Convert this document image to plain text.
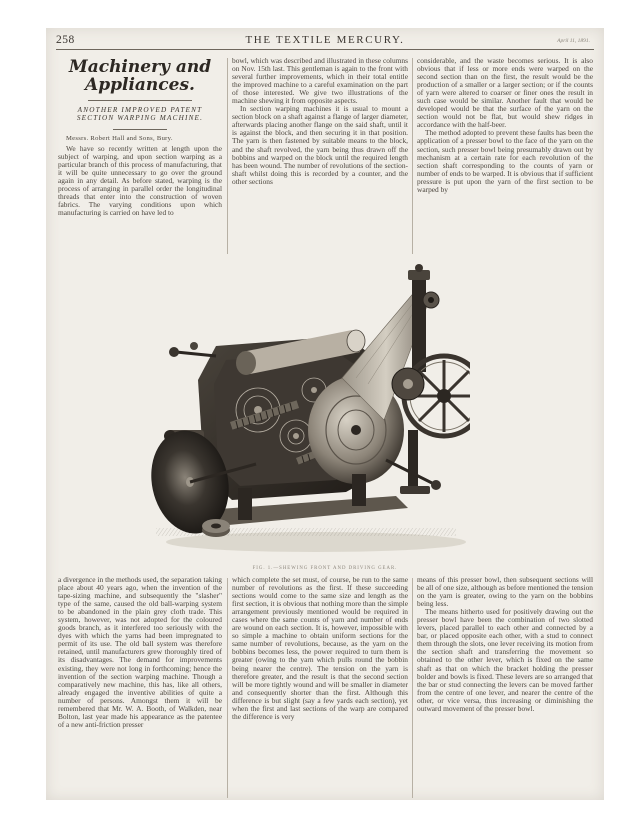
258	THE TEXTILE MERCURY.	April 11, 1891.
Machinery and
Appliances.
ANOTHER IMPROVED PATENT
SECTION WARPING MACHINE.
Messrs. Robert Hall and Sons, Bury.

We have so recently written at length upon the subject of warping, and upon section warping as a particular branch of this process of manufacturing, that it will be quite unnecessary to go over the ground again in any detail. As before stated, warping is the process of arranging in parallel order the longitudinal threads that enter into the construction of woven fabrics. The varying conditions upon which manufacturing is carried on have led to

bowl, which was described and illustrated in these columns on Nov. 15th last. This gentleman is again to the front with several further improvements, which in their total entitle the improved machine to a careful examination on the part of those interested. We give two illustrations of the machine shewing it from opposite aspects.

In section warping machines it is usual to mount a section block on a shaft against a flange of larger diameter, afterwards placing another flange on the said shaft, until it is against the block, and then securing it in that position. The yarn is then fastened by suitable means to the block, and the shaft revolved, the yarn being thus drawn off the bobbins and warped on the block until the required length has been wound. The number of revolutions of the section-shaft whilst doing this is recorded by a counter, and the other sections

considerable, and the waste becomes serious. It is also obvious that if less or more ends were warped on the second section than on the first, the result would be the production of a smaller or a larger section; or if the counts of yarn were altered to coarser or finer ones the result in such case would be similar. Another fault that would be developed would be that the surface of the yarn on the section would not be flat, but would shew ridges in accordance with the half-beer.

The method adopted to prevent these faults has been the application of a presser bowl to the face of the yarn on the section, such presser bowl being presumably drawn out by mechanism at a certain rate for each revolution of the section shaft corresponding to the counts of yarn or number of ends to be warped. It is obvious that if sufficient pressure is put upon the yarn of the first section to be warped by

FIG. 1.—SHEWING FRONT AND DRIVING GEAR.

a divergence in the methods used, the separation taking place about 40 years ago, when the invention of the tape-sizing machine, and subsequently the "slasher" type of the same, caused the old ball-warping system to be abandoned in the plain grey cloth trade. This system, however, was not adopted for the coloured goods branch, as it interfered too seriously with the dyes with which the yarns had been impregnated to permit of its use. The old ball system was therefore retained, until manufacturers grew thoroughly tired of its disadvantages. The demand for improvements existing, they were not long in forthcoming; hence the invention of the section warping machine. Though a comparatively new machine, this has, like all others, already engaged the inventive abilities of quite a number of persons. Amongst them it will be remembered that Mr. W. A. Booth, of Walkden, near Bolton, last year made his appearance as the patentee of a new anti-friction presser

which complete the set must, of course, be run to the same number of revolutions as the first. If these succeeding sections would come to the same size and length as the first section, it is obvious that nothing more than the simple arrangement previously mentioned would be required in cases where the same counts of yarn and number of ends are wound on each section. It is, however, impossible with so simple a machine to obtain uniform sections for the same number of revolutions, because, as the yarn on the bobbins becomes less, the power required to turn them is greater (owing to the yarn which pulls round the bobbin being nearer the centre). The tension on the yarn is therefore greater, and the result is that the second section will be more tightly wound and will be smaller in diameter and consequently shorter than the first. Although this difference is but slight (say a few yards each section), yet when the first and last sections of the warp are compared the difference is very

means of this presser bowl, then subsequent sections will be all of one size, although as before mentioned the tension on the yarn is greater, owing to the yarn on the bobbins being less.

The means hitherto used for positively drawing out the presser bowl have been the combination of two slotted levers, placed parallel to each other and connected by a bar, or placed opposite each other, with a stud to connect them through the slots, one lever receiving its motion from the section shaft and transferring the movement so obtained to the other lever, which is fixed on the same shaft as that on which the bracket holding the presser bolder and bowls is fixed. These levers are so arranged that the bar or stud connecting the levers can be moved farther from the centre of one lever, and nearer the centre of the other, or vice versa, thus increasing or diminishing the outward movement of the presser bowl.
